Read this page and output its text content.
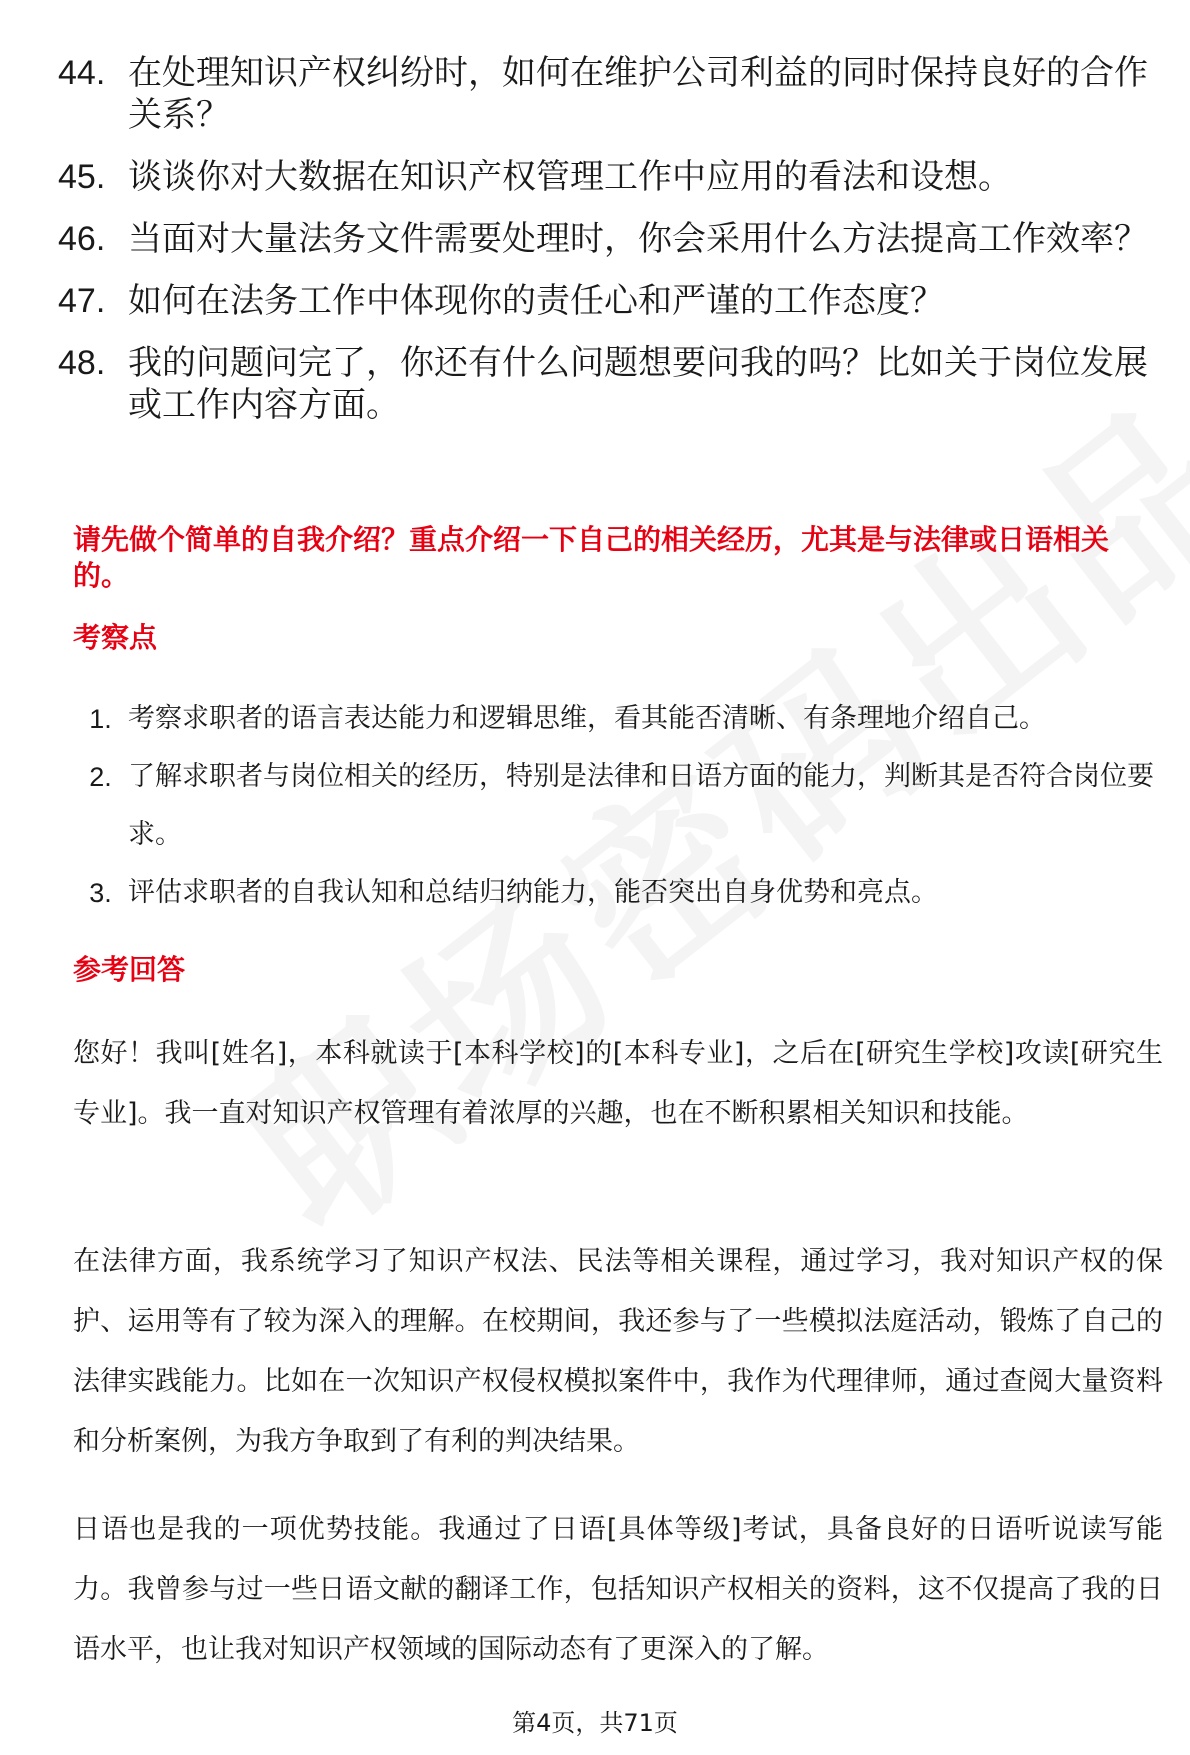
44. 在处理知识产权纠纷时，如何在维护公司利益的同时保持良好的合作关系？
45. 谈谈你对大数据在知识产权管理工作中应用的看法和设想。
46. 当面对大量法务文件需要处理时，你会采用什么方法提高工作效率？
47. 如何在法务工作中体现你的责任心和严谨的工作态度？
48. 我的问题问完了，你还有什么问题想要问我的吗？比如关于岗位发展或工作内容方面。
请先做个简单的自我介绍？重点介绍一下自己的相关经历，尤其是与法律或日语相关的。
考察点
1. 考察求职者的语言表达能力和逻辑思维，看其能否清晰、有条理地介绍自己。
2. 了解求职者与岗位相关的经历，特别是法律和日语方面的能力，判断其是否符合岗位要求。
3. 评估求职者的自我认知和总结归纳能力，能否突出自身优势和亮点。
参考回答

您好！我叫[姓名]，本科就读于[本科学校]的[本科专业]，之后在[研究生学校]攻读[研究生专业]。我一直对知识产权管理有着浓厚的兴趣，也在不断积累相关知识和技能。

在法律方面，我系统学习了知识产权法、民法等相关课程，通过学习，我对知识产权的保护、运用等有了较为深入的理解。在校期间，我还参与了一些模拟法庭活动，锻炼了自己的法律实践能力。比如在一次知识产权侵权模拟案件中，我作为代理律师，通过查阅大量资料和分析案例，为我方争取到了有利的判决结果。

日语也是我的一项优势技能。我通过了日语[具体等级]考试，具备良好的日语听说读写能力。我曾参与过一些日语文献的翻译工作，包括知识产权相关的资料，这不仅提高了我的日语水平，也让我对知识产权领域的国际动态有了更深入的了解。

第4页，共71页
